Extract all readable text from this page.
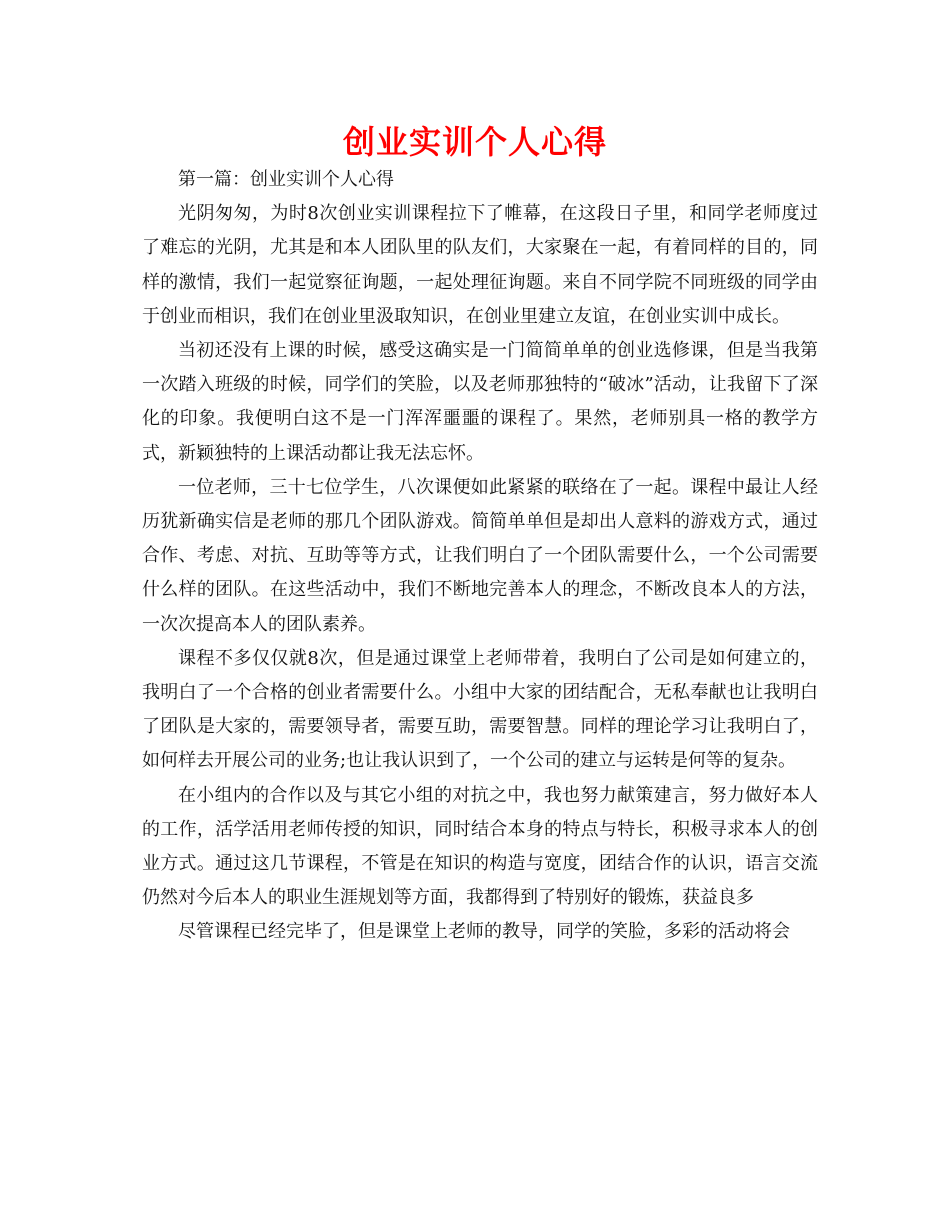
创业实训个人心得

第一篇：创业实训个人心得

光阴匆匆，为时8次创业实训课程拉下了帷幕，在这段日子里，和同学老师度过了难忘的光阴，尤其是和本人团队里的队友们，大家聚在一起，有着同样的目的，同样的激情，我们一起觉察征询题，一起处理征询题。来自不同学院不同班级的同学由于创业而相识，我们在创业里汲取知识，在创业里建立友谊，在创业实训中成长。

当初还没有上课的时候，感受这确实是一门简简单单的创业选修课，但是当我第一次踏入班级的时候，同学们的笑脸，以及老师那独特的“破冰”活动，让我留下了深化的印象。我便明白这不是一门浑浑噩噩的课程了。果然，老师别具一格的教学方式，新颖独特的上课活动都让我无法忘怀。

一位老师，三十七位学生，八次课便如此紧紧的联络在了一起。课程中最让人经历犹新确实信是老师的那几个团队游戏。简简单单但是却出人意料的游戏方式，通过合作、考虑、对抗、互助等等方式，让我们明白了一个团队需要什么，一个公司需要什么样的团队。在这些活动中，我们不断地完善本人的理念，不断改良本人的方法，一次次提高本人的团队素养。

课程不多仅仅就8次，但是通过课堂上老师带着，我明白了公司是如何建立的，我明白了一个合格的创业者需要什么。小组中大家的团结配合，无私奉献也让我明白了团队是大家的，需要领导者，需要互助，需要智慧。同样的理论学习让我明白了，如何样去开展公司的业务;也让我认识到了，一个公司的建立与运转是何等的复杂。

在小组内的合作以及与其它小组的对抗之中，我也努力献策建言，努力做好本人的工作，活学活用老师传授的知识，同时结合本身的特点与特长，积极寻求本人的创业方式。通过这几节课程，不管是在知识的构造与宽度，团结合作的认识，语言交流仍然对今后本人的职业生涯规划等方面，我都得到了特别好的锻炼，获益良多

尽管课程已经完毕了，但是课堂上老师的教导，同学的笑脸，多彩的活动将会
